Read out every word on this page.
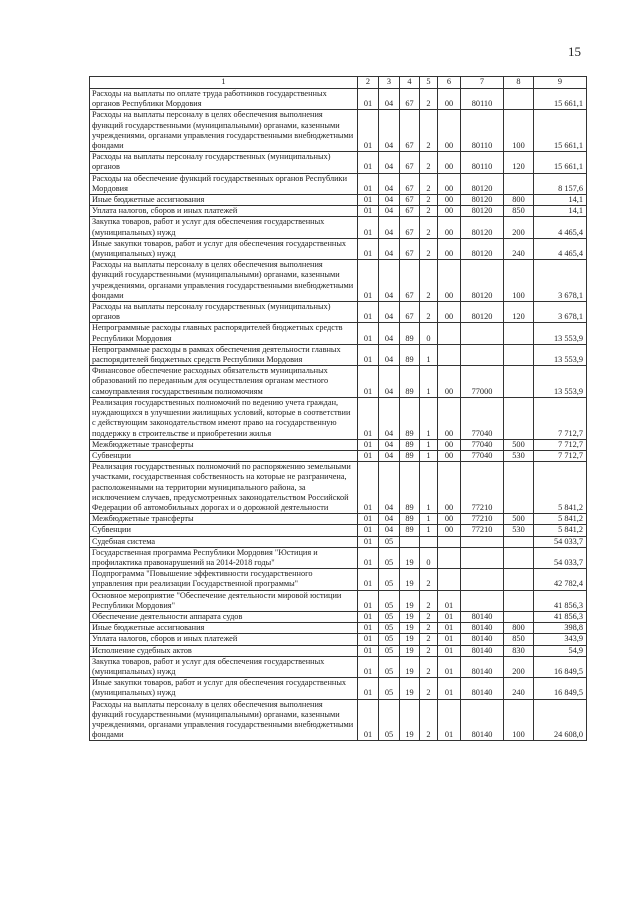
15
1	2	3	4	5	6	7	8	9
Расходы на выплаты по оплате труда работников государственных органов Республики Мордовия	01	04	67	2	00	80110		15 661,1
Расходы на выплаты персоналу в целях обеспечения выполнения функций государственными (муниципальными) органами, казенными учреждениями, органами управления государственными внебюджетными фондами	01	04	67	2	00	80110	100	15 661,1
Расходы на выплаты персоналу государственных (муниципальных) органов	01	04	67	2	00	80110	120	15 661,1
Расходы на обеспечение функций государственных органов Республики Мордовия	01	04	67	2	00	80120		8 157,6
Иные бюджетные ассигнования	01	04	67	2	00	80120	800	14,1
Уплата налогов, сборов и иных платежей	01	04	67	2	00	80120	850	14,1
Закупка товаров, работ и услуг для обеспечения государственных (муниципальных) нужд	01	04	67	2	00	80120	200	4 465,4
Иные закупки товаров, работ и услуг для обеспечения государственных (муниципальных) нужд	01	04	67	2	00	80120	240	4 465,4
Расходы на выплаты персоналу в целях обеспечения выполнения функций государственными (муниципальными) органами, казенными учреждениями, органами управления государственными внебюджетными фондами	01	04	67	2	00	80120	100	3 678,1
Расходы на выплаты персоналу государственных (муниципальных) органов	01	04	67	2	00	80120	120	3 678,1
Непрограммные расходы главных распорядителей бюджетных средств Республики Мордовия	01	04	89	0				13 553,9
Непрограммные расходы в рамках обеспечения деятельности главных распорядителей бюджетных средств Республики Мордовия	01	04	89	1				13 553,9
Финансовое обеспечение расходных обязательств муниципальных образований по переданным для осуществления органам местного самоуправления государственным полномочиям	01	04	89	1	00	77000		13 553,9
Реализация государственных полномочий по ведению учета граждан, нуждающихся в улучшении жилищных условий, которые в соответствии с действующим законодательством имеют право на государственную поддержку в строительстве и приобретении жилья	01	04	89	1	00	77040		7 712,7
Межбюджетные трансферты	01	04	89	1	00	77040	500	7 712,7
Субвенции	01	04	89	1	00	77040	530	7 712,7
Реализация государственных полномочий по распоряжению земельными участками, государственная собственность на которые не разграничена, расположенными на территории муниципального района, за исключением случаев, предусмотренных законодательством Российской Федерации об автомобильных дорогах и о дорожной деятельности	01	04	89	1	00	77210		5 841,2
Межбюджетные трансферты	01	04	89	1	00	77210	500	5 841,2
Субвенции	01	04	89	1	00	77210	530	5 841,2
Судебная система	01	05						54 033,7
Государственная программа Республики Мордовия "Юстиция и профилактика правонарушений на 2014-2018 годы"	01	05	19	0				54 033,7
Подпрограмма "Повышение эффективности государственного управления при реализации Государственной программы"	01	05	19	2				42 782,4
Основное мероприятие "Обеспечение деятельности мировой юстиции Республики Мордовия"	01	05	19	2	01			41 856,3
Обеспечение деятельности аппарата судов	01	05	19	2	01	80140		41 856,3
Иные бюджетные ассигнования	01	05	19	2	01	80140	800	398,8
Уплата налогов, сборов и иных платежей	01	05	19	2	01	80140	850	343,9
Исполнение судебных актов	01	05	19	2	01	80140	830	54,9
Закупка товаров, работ и услуг для обеспечения государственных (муниципальных) нужд	01	05	19	2	01	80140	200	16 849,5
Иные закупки товаров, работ и услуг для обеспечения государственных (муниципальных) нужд	01	05	19	2	01	80140	240	16 849,5
Расходы на выплаты персоналу в целях обеспечения выполнения функций государственными (муниципальными) органами, казенными учреждениями, органами управления государственными внебюджетными фондами	01	05	19	2	01	80140	100	24 608,0
